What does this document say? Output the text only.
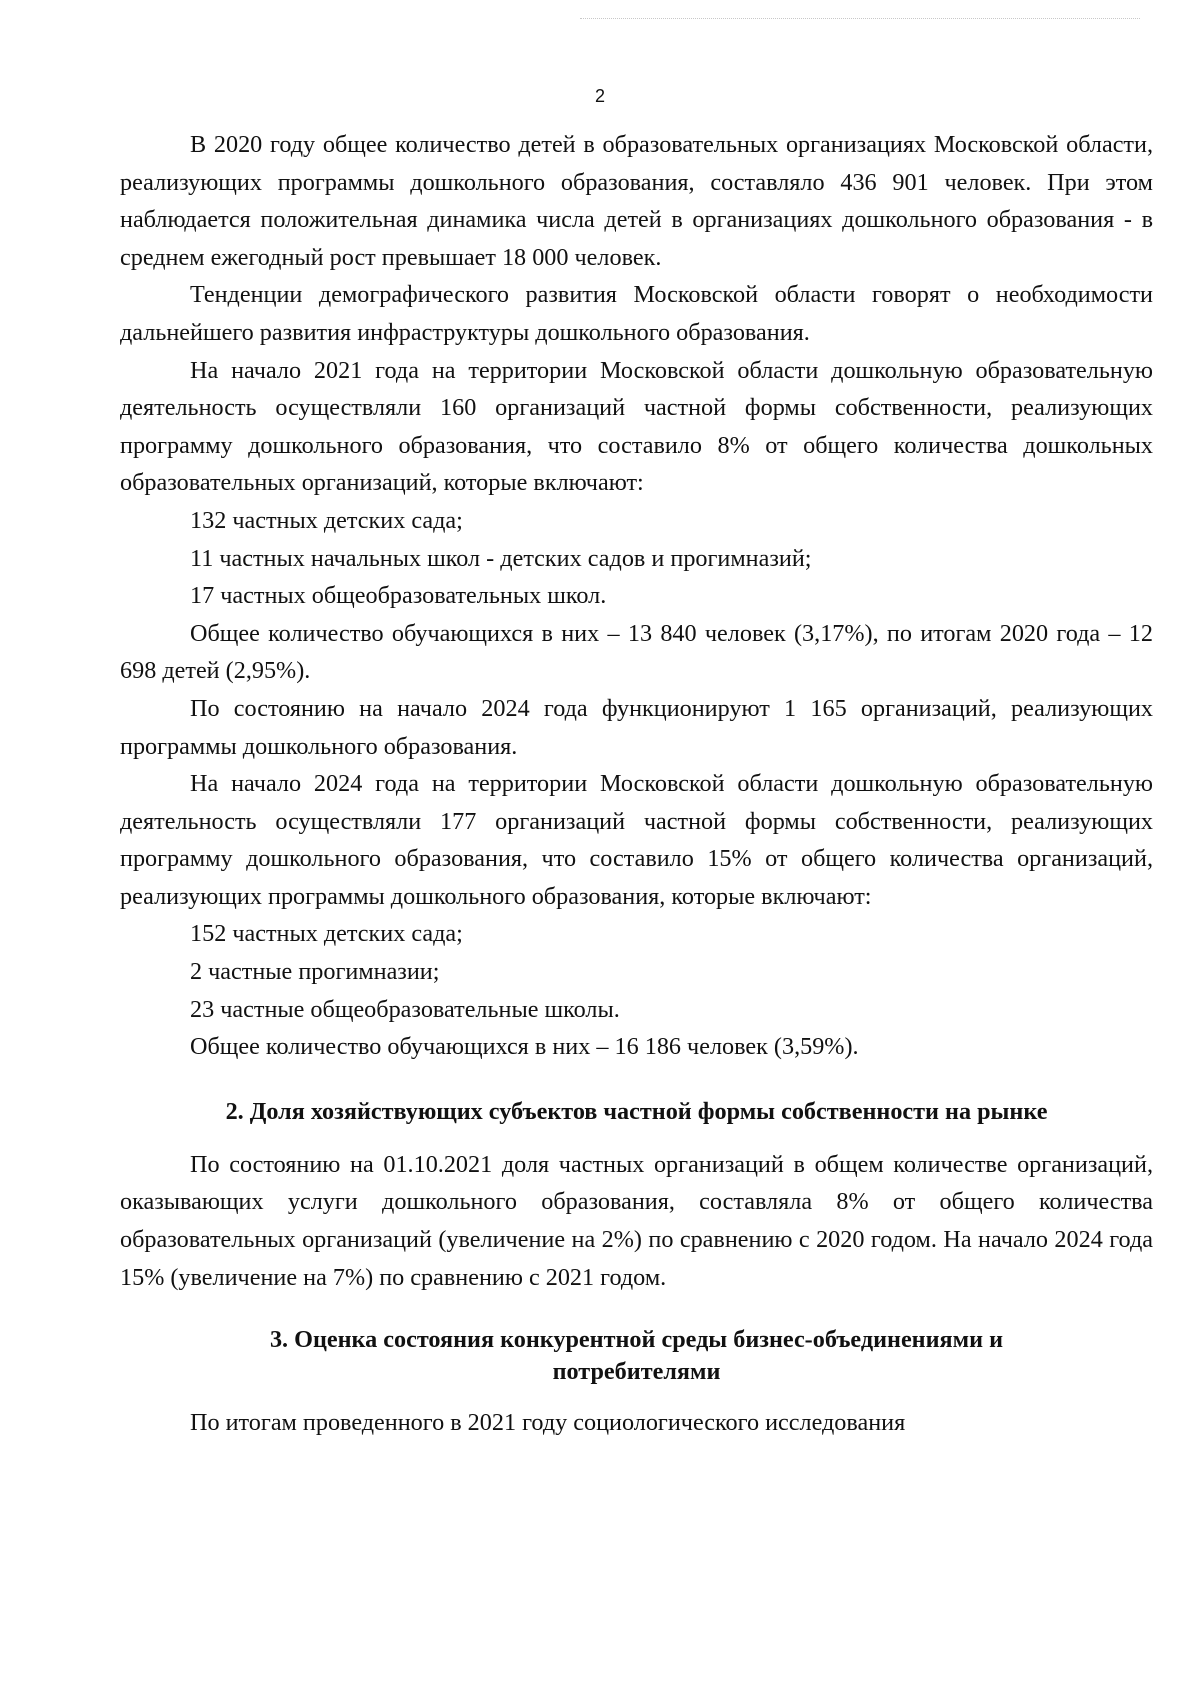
2

В 2020 году общее количество детей в образовательных организациях Московской области, реализующих программы дошкольного образования, составляло 436 901 человек. При этом наблюдается положительная динамика числа детей в организациях дошкольного образования - в среднем ежегодный рост превышает 18 000 человек.

Тенденции демографического развития Московской области говорят о необходимости дальнейшего развития инфраструктуры дошкольного образования.

На начало 2021 года на территории Московской области дошкольную образовательную деятельность осуществляли 160 организаций частной формы собственности, реализующих программу дошкольного образования, что составило 8% от общего количества дошкольных образовательных организаций, которые включают:

132 частных детских сада;

11 частных начальных школ - детских садов и прогимназий;

17 частных общеобразовательных школ.

Общее количество обучающихся в них – 13 840 человек (3,17%), по итогам 2020 года – 12 698 детей (2,95%).

По состоянию на начало 2024 года функционируют 1 165 организаций, реализующих программы дошкольного образования.

На начало 2024 года на территории Московской области дошкольную образовательную деятельность осуществляли 177 организаций частной формы собственности, реализующих программу дошкольного образования, что составило 15% от общего количества организаций, реализующих программы дошкольного образования, которые включают:

152 частных детских сада;

2 частные прогимназии;

23 частные общеобразовательные школы.

Общее количество обучающихся в них – 16 186 человек (3,59%).

2. Доля хозяйствующих субъектов частной формы собственности на рынке

По состоянию на 01.10.2021 доля частных организаций в общем количестве организаций, оказывающих услуги дошкольного образования, составляла 8% от общего количества образовательных организаций (увеличение на 2%) по сравнению с 2020 годом. На начало 2024 года 15% (увеличение на 7%) по сравнению с 2021 годом.

3. Оценка состояния конкурентной среды бизнес-объединениями и
потребителями

По итогам проведенного в 2021 году социологического исследования
